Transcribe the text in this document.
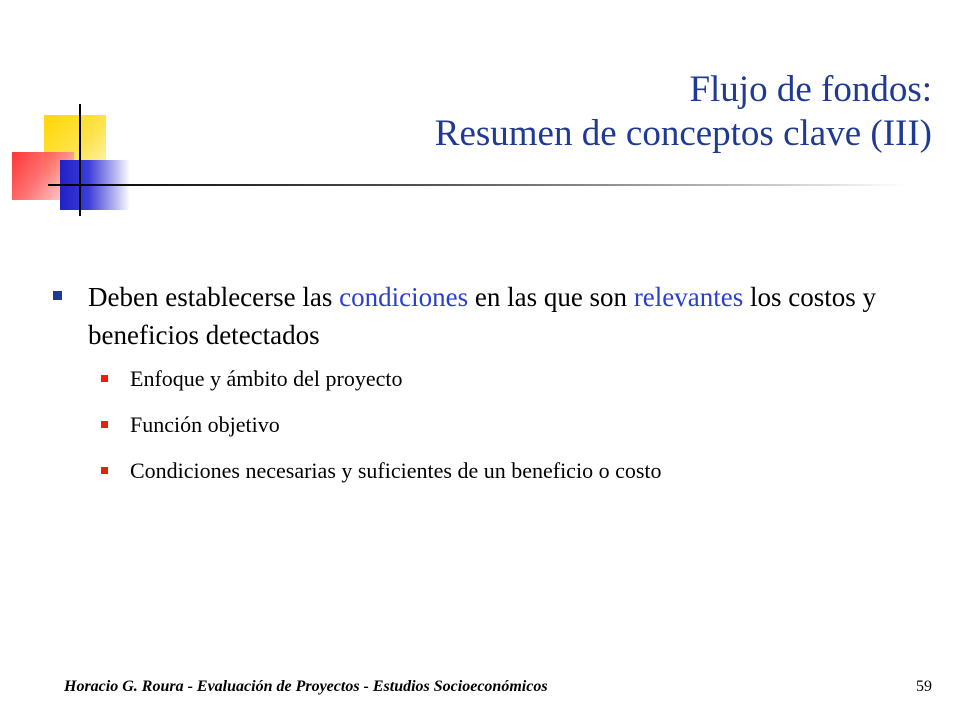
Flujo de fondos:
Resumen de conceptos clave (III)

Deben establecerse las condiciones en las que son relevantes los costos y beneficios detectados

Enfoque y ámbito del proyecto
Función objetivo
Condiciones necesarias y suficientes de un beneficio o costo
Horacio G. Roura - Evaluación de Proyectos - Estudios Socioeconómicos	59
